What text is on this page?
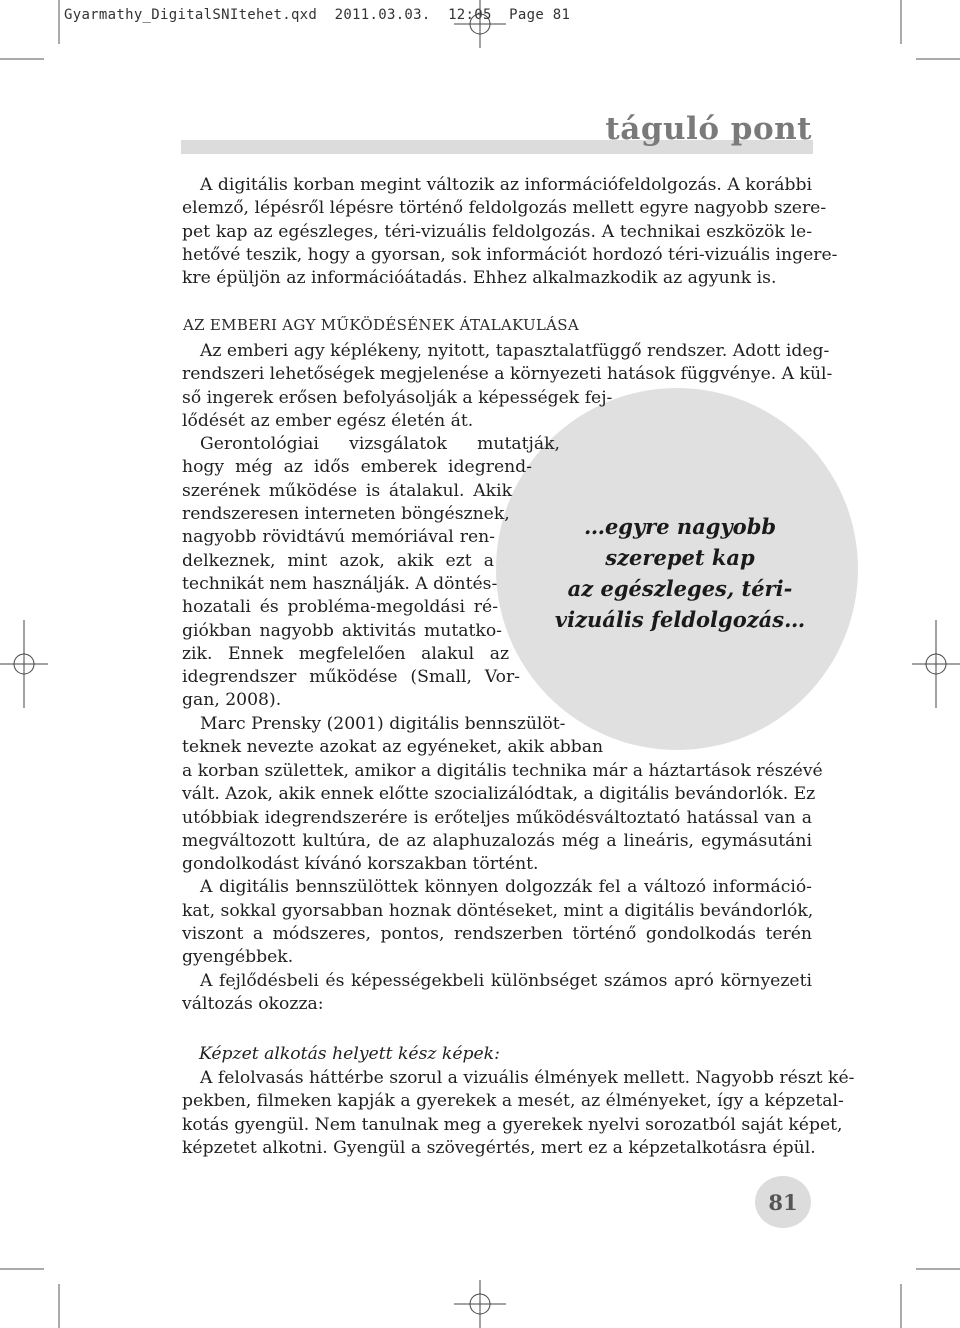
Gyarmathy_DigitalSNItehet.qxd  2011.03.03.  12:05  Page 81
táguló pont
A digitális korban megint változik az információfeldolgozás. A korábbi
elemző, lépésről lépésre történő feldolgozás mellett egyre nagyobb szere-
pet kap az egészleges, téri-vizuális feldolgozás. A technikai eszközök le-
hetővé teszik, hogy a gyorsan, sok információt hordozó téri-vizuális ingere-
kre épüljön az információátadás. Ehhez alkalmazkodik az agyunk is.
AZ EMBERI AGY MŰKÖDÉSÉNEK ÁTALAKULÁSA
…egyre nagyobb
szerepet kap
az egészleges, téri-
vizuális feldolgozás…
Az emberi agy képlékeny, nyitott, tapasztalatfüggő rendszer. Adott ideg-
rendszeri lehetőségek megjelenése a környezeti hatások függvénye. A kül-
ső ingerek erősen befolyásolják a képességek fej-
lődését az ember egész életén át.
Gerontológiai vizsgálatok mutatják,
hogy még az idős emberek idegrend-
szerének működése is átalakul. Akik
rendszeresen interneten böngésznek,
nagyobb rövidtávú memóriával ren-
delkeznek, mint azok, akik ezt a
technikát nem használják. A döntés-
hozatali és probléma-megoldási ré-
giókban nagyobb aktivitás mutatko-
zik. Ennek megfelelően alakul az
idegrendszer működése (Small, Vor-
gan, 2008).
Marc Prensky (2001) digitális bennszülöt-
teknek nevezte azokat az egyéneket, akik abban
a korban születtek, amikor a digitális technika már a háztartások részévé
vált. Azok, akik ennek előtte szocializálódtak, a digitális bevándorlók. Ez
utóbbiak idegrendszerére is erőteljes működésváltoztató hatással van a
megváltozott kultúra, de az alaphuzalozás még a lineáris, egymásutáni
gondolkodást kívánó korszakban történt.
A digitális bennszülöttek könnyen dolgozzák fel a változó információ-
kat, sokkal gyorsabban hoznak döntéseket, mint a digitális bevándorlók,
viszont a módszeres, pontos, rendszerben történő gondolkodás terén
gyengébbek.
A fejlődésbeli és képességekbeli különbséget számos apró környezeti
változás okozza:
Képzet alkotás helyett kész képek:
A felolvasás háttérbe szorul a vizuális élmények mellett. Nagyobb részt ké-
pekben, filmeken kapják a gyerekek a mesét, az élményeket, így a képzetal-
kotás gyengül. Nem tanulnak meg a gyerekek nyelvi sorozatból saját képet,
képzetet alkotni. Gyengül a szövegértés, mert ez a képzetalkotásra épül.
81
